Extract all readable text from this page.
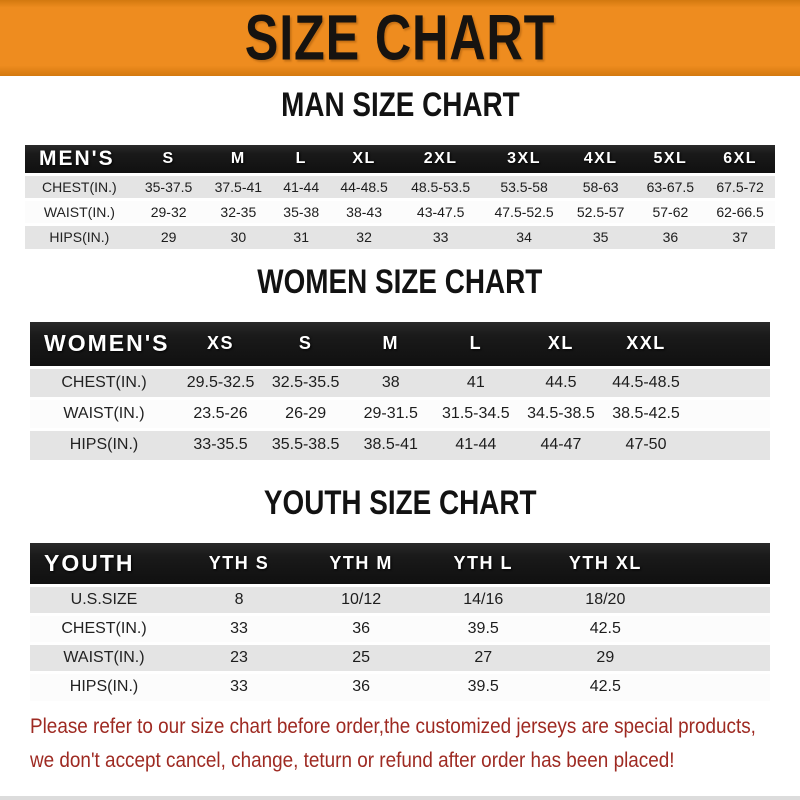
SIZE CHART
MAN SIZE CHART
MEN'S	S	M	L	XL	2XL	3XL	4XL	5XL	6XL
CHEST(IN.)	35-37.5	37.5-41	41-44	44-48.5	48.5-53.5	53.5-58	58-63	63-67.5	67.5-72
WAIST(IN.)	29-32	32-35	35-38	38-43	43-47.5	47.5-52.5	52.5-57	57-62	62-66.5
HIPS(IN.)	29	30	31	32	33	34	35	36	37
WOMEN SIZE CHART
WOMEN'S	XS	S	M	L	XL	XXL	
CHEST(IN.)	29.5-32.5	32.5-35.5	38	41	44.5	44.5-48.5	
WAIST(IN.)	23.5-26	26-29	29-31.5	31.5-34.5	34.5-38.5	38.5-42.5	
HIPS(IN.)	33-35.5	35.5-38.5	38.5-41	41-44	44-47	47-50	
YOUTH SIZE CHART
YOUTH	YTH S	YTH M	YTH L	YTH XL	
U.S.SIZE	8	10/12	14/16	18/20	
CHEST(IN.)	33	36	39.5	42.5	
WAIST(IN.)	23	25	27	29	
HIPS(IN.)	33	36	39.5	42.5	
Please refer to our size chart before order,the customized jerseys are special products,
we don't accept cancel, change, teturn or refund after order has been placed!
